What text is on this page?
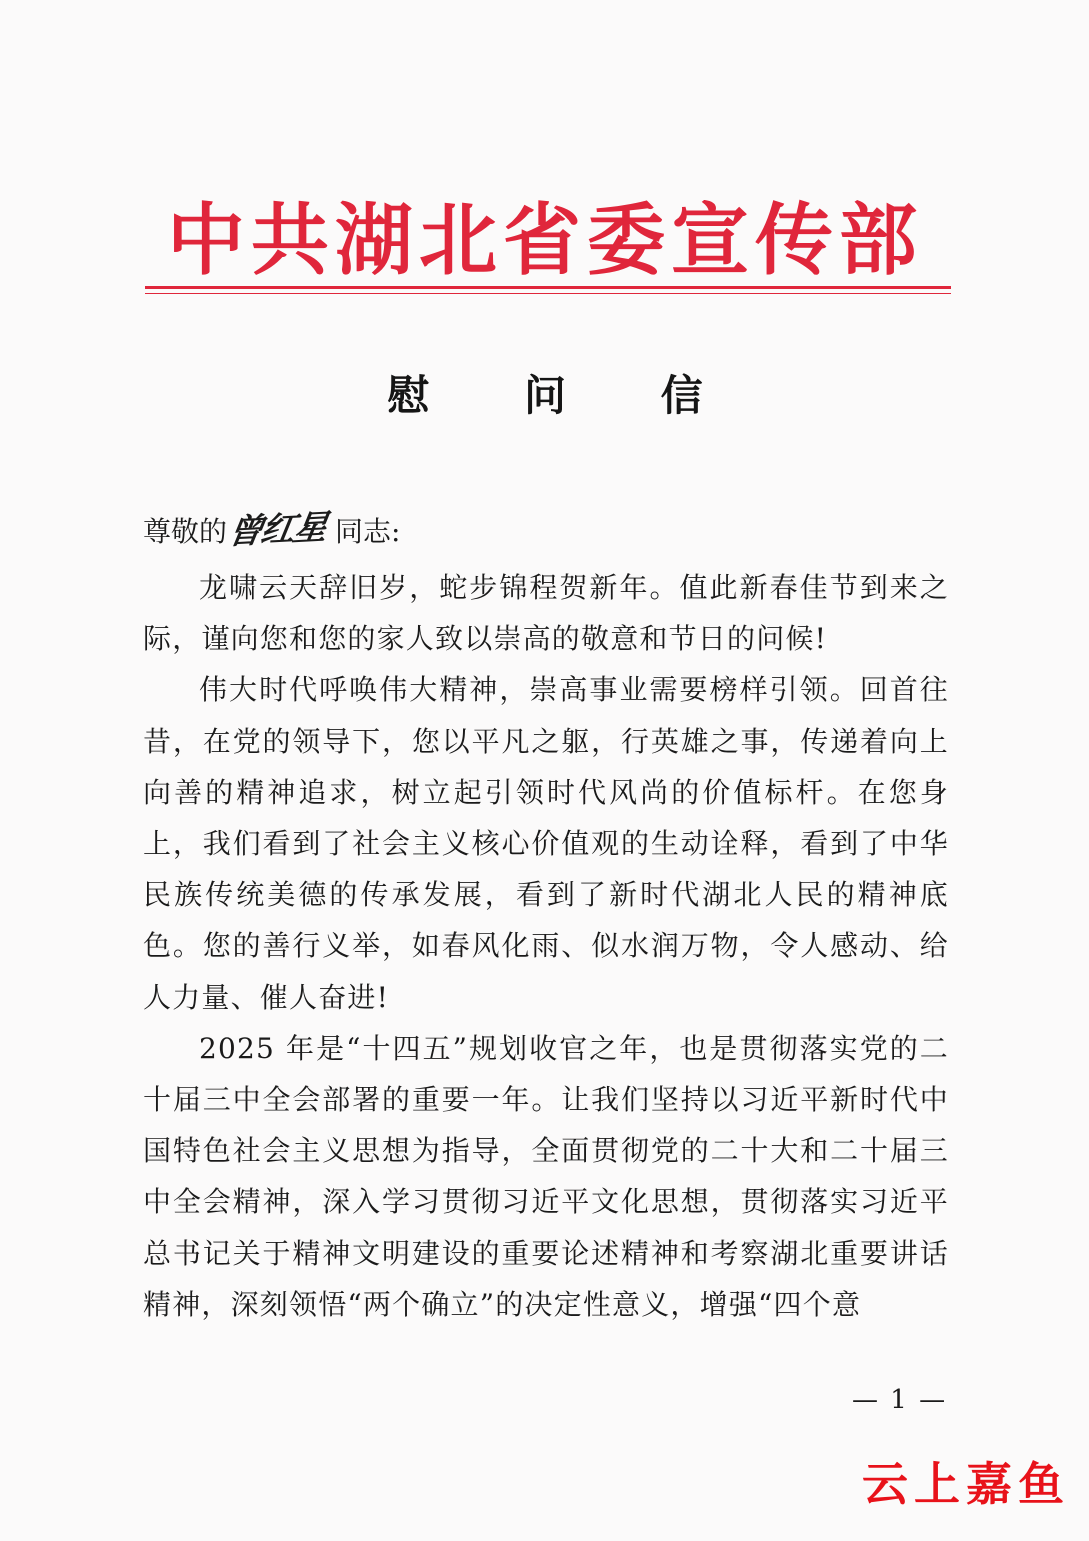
中共湖北省委宣传部
慰 问 信
尊敬的曾红星 同志:

龙啸云天辞旧岁，蛇步锦程贺新年。值此新春佳节到来之际，谨向您和您的家人致以崇高的敬意和节日的问候!

伟大时代呼唤伟大精神，崇高事业需要榜样引领。回首往昔，在党的领导下，您以平凡之躯，行英雄之事，传递着向上向善的精神追求，树立起引领时代风尚的价值标杆。在您身上，我们看到了社会主义核心价值观的生动诠释，看到了中华民族传统美德的传承发展，看到了新时代湖北人民的精神底色。您的善行义举，如春风化雨、似水润万物，令人感动、给人力量、催人奋进!

2025 年是“十四五”规划收官之年，也是贯彻落实党的二十届三中全会部署的重要一年。让我们坚持以习近平新时代中国特色社会主义思想为指导，全面贯彻党的二十大和二十届三中全会精神，深入学习贯彻习近平文化思想，贯彻落实习近平总书记关于精神文明建设的重要论述精神和考察湖北重要讲话精神，深刻领悟“两个确立”的决定性意义，增强“四个意

— 1 —
云上嘉鱼
